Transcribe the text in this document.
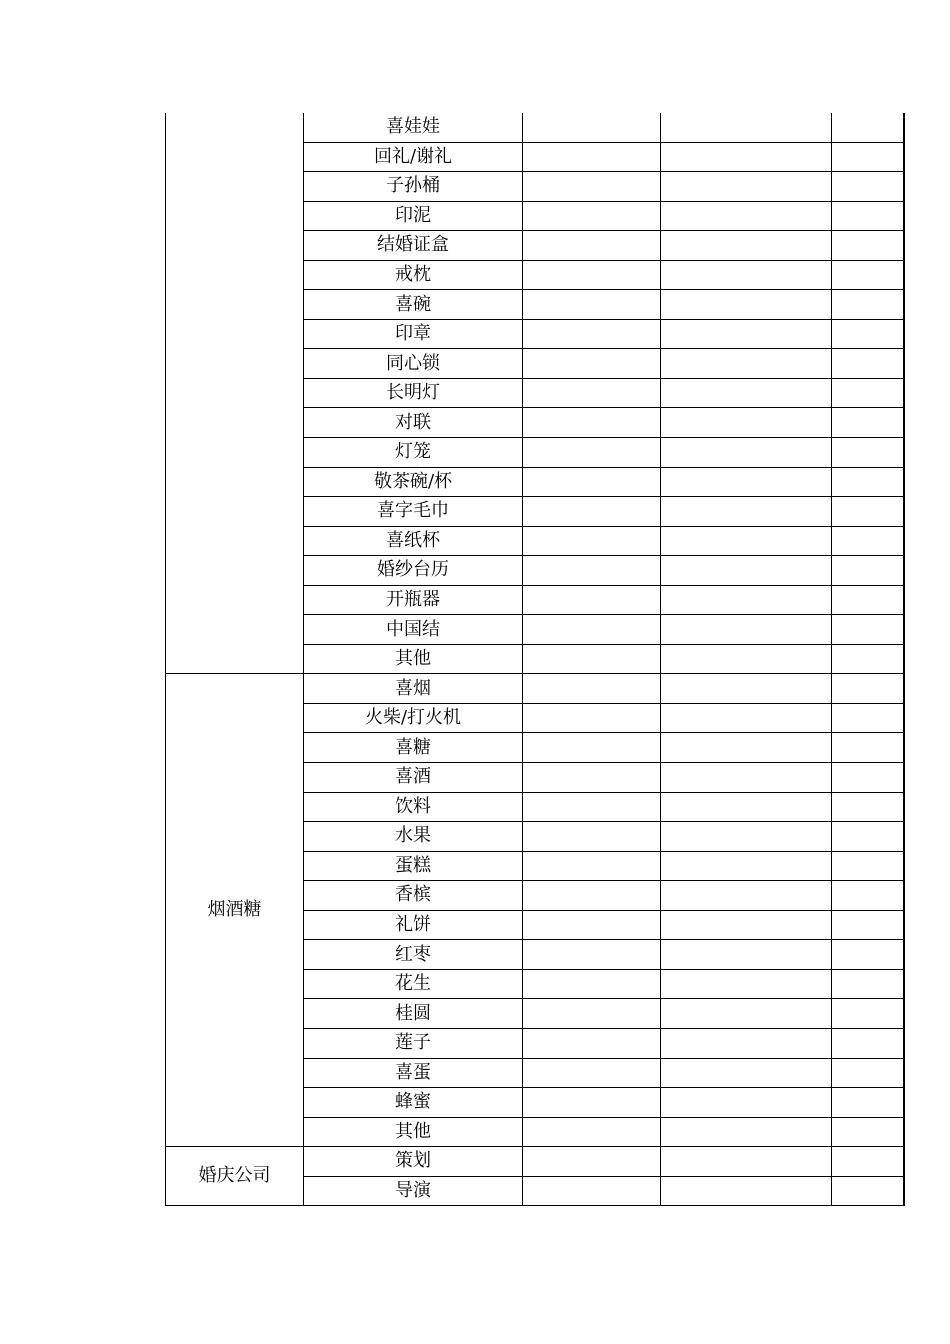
	喜娃娃			
	回礼/谢礼			
	子孙桶			
	印泥			
	结婚证盒			
	戒枕			
	喜碗			
	印章			
	同心锁			
	长明灯			
	对联			
	灯笼			
	敬茶碗/杯			
	喜字毛巾			
	喜纸杯			
	婚纱台历			
	开瓶器			
	中国结			
	其他			
烟酒糖	喜烟			
	火柴/打火机			
	喜糖			
	喜酒			
	饮料			
	水果			
	蛋糕			
	香槟			
	礼饼			
	红枣			
	花生			
	桂圆			
	莲子			
	喜蛋			
	蜂蜜			
	其他			
婚庆公司	策划			
	导演			
